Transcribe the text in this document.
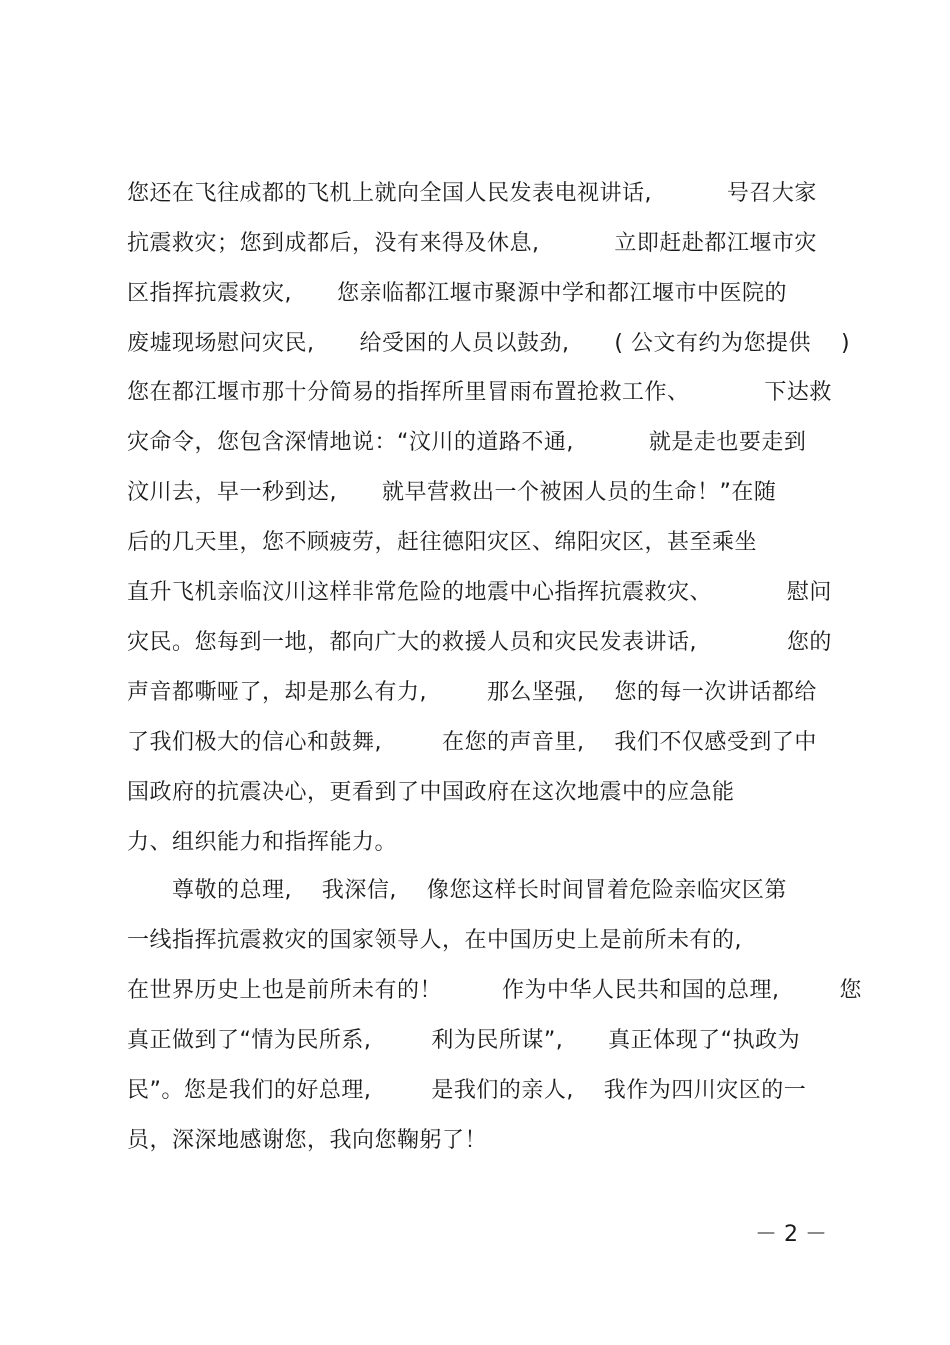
您还在飞往成都的飞机上就向全国人民发表电视讲话,          号召大家
抗震救灾；您到成都后，没有来得及休息,          立即赶赴都江堰市灾
区指挥抗震救灾,      您亲临都江堰市聚源中学和都江堰市中医院的
废墟现场慰问灾民,      给受困的人员以鼓劲,      ( 公文有约为您提供    )
您在都江堰市那十分简易的指挥所里冒雨布置抢救工作、          下达救
灾命令，您包含深情地说：“汶川的道路不通,          就是走也要走到
汶川去，早一秒到达,      就早营救出一个被困人员的生命！”在随
后的几天里，您不顾疲劳，赶往德阳灾区、绵阳灾区，甚至乘坐
直升飞机亲临汶川这样非常危险的地震中心指挥抗震救灾、          慰问
灾民。您每到一地，都向广大的救援人员和灾民发表讲话,            您的
声音都嘶哑了，却是那么有力,        那么坚强,    您的每一次讲话都给
了我们极大的信心和鼓舞,        在您的声音里,    我们不仅感受到了中
国政府的抗震决心，更看到了中国政府在这次地震中的应急能
力、组织能力和指挥能力。
尊敬的总理,    我深信,    像您这样长时间冒着危险亲临灾区第
一线指挥抗震救灾的国家领导人，在中国历史上是前所未有的,
在世界历史上也是前所未有的！        作为中华人民共和国的总理,        您
真正做到了“情为民所系,        利为民所谋”,      真正体现了“执政为
民”。您是我们的好总理,        是我们的亲人,    我作为四川灾区的一
员，深深地感谢您，我向您鞠躬了！
－ 2 －
